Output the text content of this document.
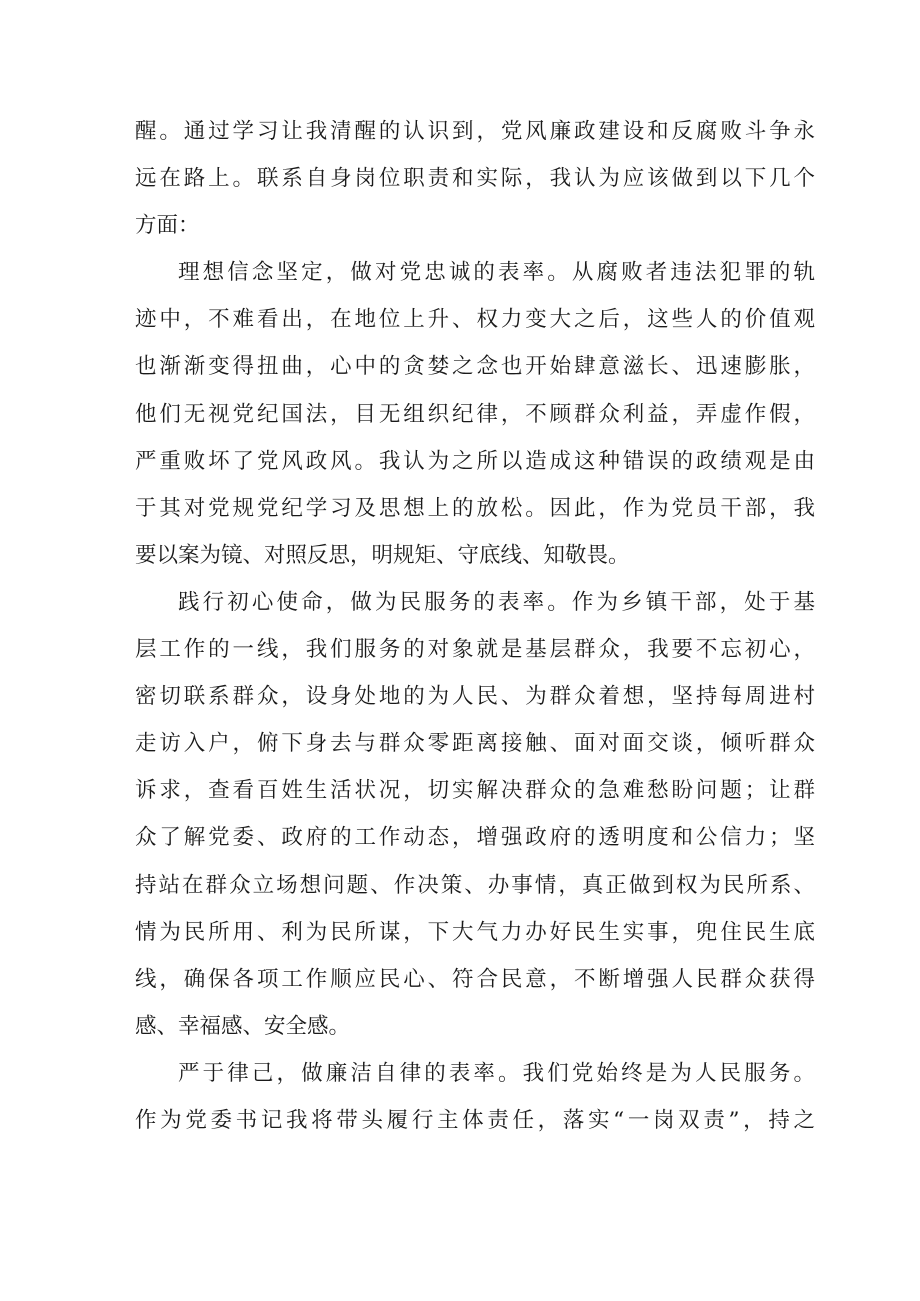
醒。通过学习让我清醒的认识到，党风廉政建设和反腐败斗争永
远在路上。联系自身岗位职责和实际，我认为应该做到以下几个
方面：
理想信念坚定，做对党忠诚的表率。从腐败者违法犯罪的轨
迹中，不难看出，在地位上升、权力变大之后，这些人的价值观
也渐渐变得扭曲，心中的贪婪之念也开始肆意滋长、迅速膨胀，
他们无视党纪国法，目无组织纪律，不顾群众利益，弄虚作假，
严重败坏了党风政风。我认为之所以造成这种错误的政绩观是由
于其对党规党纪学习及思想上的放松。因此，作为党员干部，我
要以案为镜、对照反思，明规矩、守底线、知敬畏。
践行初心使命，做为民服务的表率。作为乡镇干部，处于基
层工作的一线，我们服务的对象就是基层群众，我要不忘初心，
密切联系群众，设身处地的为人民、为群众着想，坚持每周进村
走访入户，俯下身去与群众零距离接触、面对面交谈，倾听群众
诉求，查看百姓生活状况，切实解决群众的急难愁盼问题；让群
众了解党委、政府的工作动态，增强政府的透明度和公信力；坚
持站在群众立场想问题、作决策、办事情，真正做到权为民所系、
情为民所用、利为民所谋，下大气力办好民生实事，兜住民生底
线，确保各项工作顺应民心、符合民意，不断增强人民群众获得
感、幸福感、安全感。
严于律己，做廉洁自律的表率。我们党始终是为人民服务。
作为党委书记我将带头履行主体责任，落实“一岗双责”，持之
